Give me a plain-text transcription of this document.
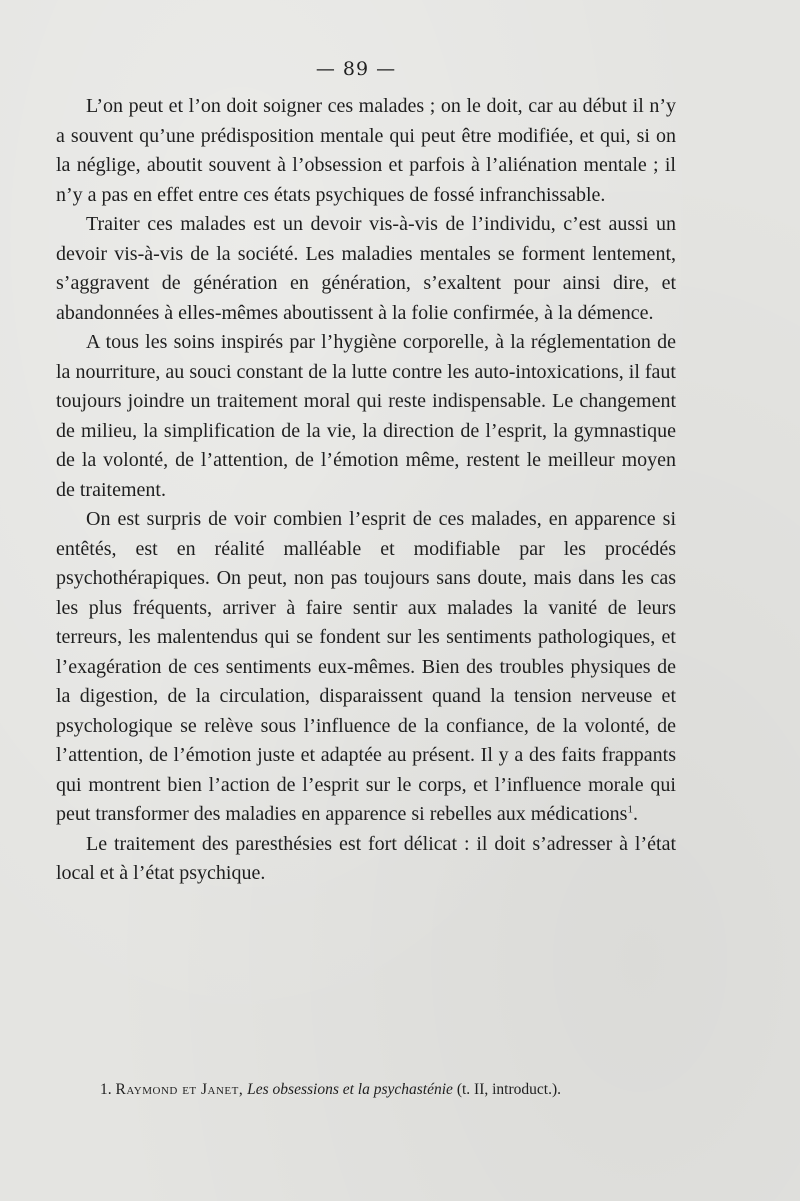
— 89 —

L’on peut et l’on doit soigner ces malades ; on le doit, car au début il n’y a souvent qu’une prédisposition mentale qui peut être modifiée, et qui, si on la néglige, aboutit souvent à l’obsession et parfois à l’aliénation mentale ; il n’y a pas en effet entre ces états psychiques de fossé infranchissable.

Traiter ces malades est un devoir vis-à-vis de l’individu, c’est aussi un devoir vis-à-vis de la société. Les maladies mentales se forment lentement, s’aggravent de génération en génération, s’exaltent pour ainsi dire, et abandonnées à elles-mêmes aboutissent à la folie confirmée, à la démence.

A tous les soins inspirés par l’hygiène corporelle, à la réglementation de la nourriture, au souci constant de la lutte contre les auto-intoxications, il faut toujours joindre un traitement moral qui reste indispensable. Le changement de milieu, la simplification de la vie, la direction de l’esprit, la gymnastique de la volonté, de l’attention, de l’émotion même, restent le meilleur moyen de traitement.

On est surpris de voir combien l’esprit de ces malades, en apparence si entêtés, est en réalité malléable et modifiable par les procédés psychothérapiques. On peut, non pas toujours sans doute, mais dans les cas les plus fréquents, arriver à faire sentir aux malades la vanité de leurs terreurs, les malentendus qui se fondent sur les sentiments pathologiques, et l’exagération de ces sentiments eux-mêmes. Bien des troubles physiques de la digestion, de la circulation, disparaissent quand la tension nerveuse et psychologique se relève sous l’influence de la confiance, de la volonté, de l’attention, de l’émotion juste et adaptée au présent. Il y a des faits frappants qui montrent bien l’action de l’esprit sur le corps, et l’influence morale qui peut transformer des maladies en apparence si rebelles aux médications$^1$.

Le traitement des paresthésies est fort délicat : il doit s’adresser à l’état local et à l’état psychique.

1. Raymond et Janet, Les obsessions et la psychasténie (t. II, introduct.).
